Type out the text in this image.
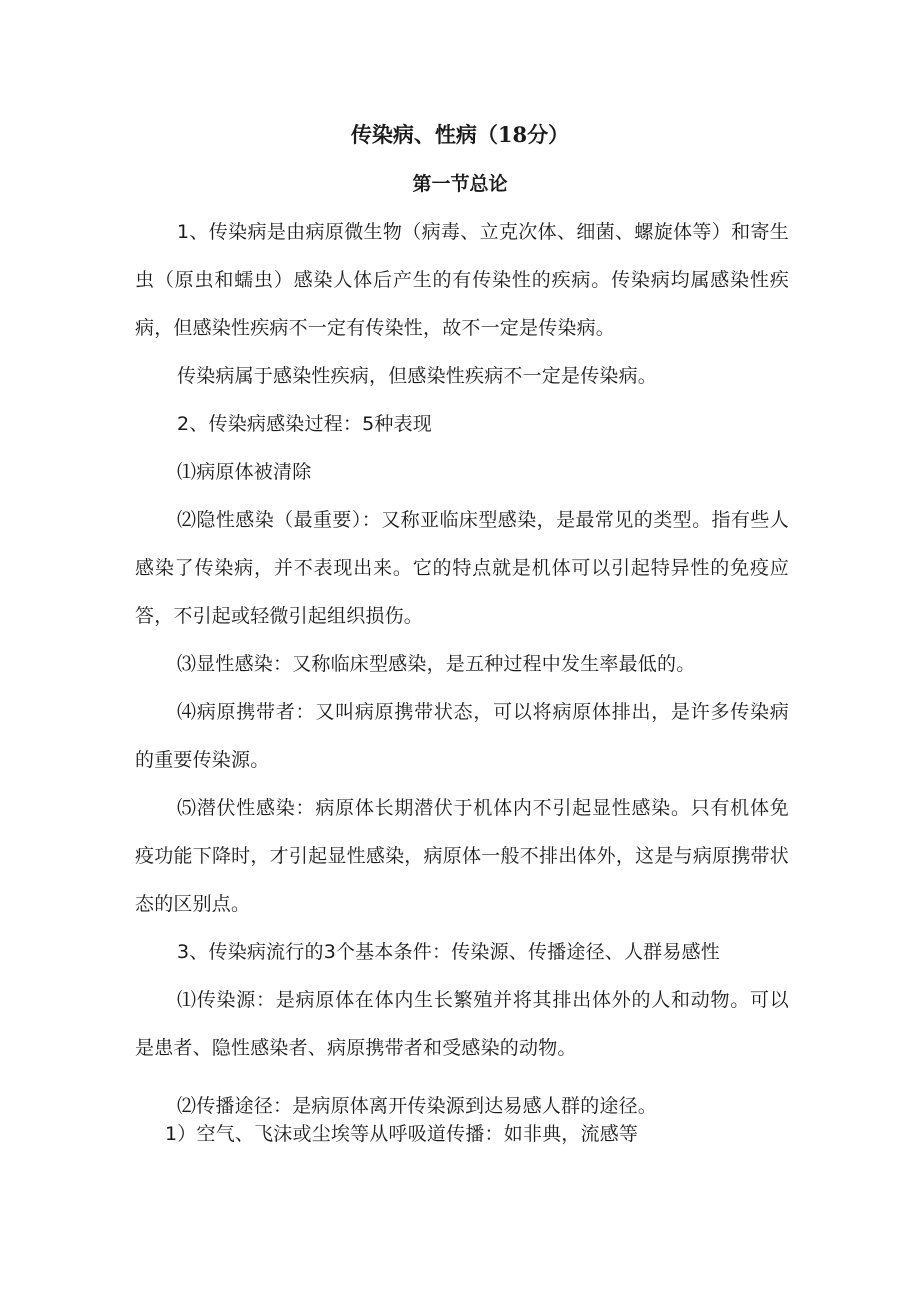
传染病、性病（18分）
第一节总论

1、传染病是由病原微生物（病毒、立克次体、细菌、螺旋体等）和寄生虫（原虫和蠕虫）感染人体后产生的有传染性的疾病。传染病均属感染性疾病，但感染性疾病不一定有传染性，故不一定是传染病。

传染病属于感染性疾病，但感染性疾病不一定是传染病。

2、传染病感染过程：5种表现

⑴病原体被清除

⑵隐性感染（最重要）：又称亚临床型感染，是最常见的类型。指有些人感染了传染病，并不表现出来。它的特点就是机体可以引起特异性的免疫应答，不引起或轻微引起组织损伤。

⑶显性感染：又称临床型感染，是五种过程中发生率最低的。

⑷病原携带者：又叫病原携带状态，可以将病原体排出，是许多传染病的重要传染源。

⑸潜伏性感染：病原体长期潜伏于机体内不引起显性感染。只有机体免疫功能下降时，才引起显性感染，病原体一般不排出体外，这是与病原携带状态的区别点。

3、传染病流行的3个基本条件：传染源、传播途径、人群易感性

⑴传染源：是病原体在体内生长繁殖并将其排出体外的人和动物。可以是患者、隐性感染者、病原携带者和受感染的动物。

⑵传播途径：是病原体离开传染源到达易感人群的途径。

1）空气、飞沫或尘埃等从呼吸道传播：如非典，流感等
